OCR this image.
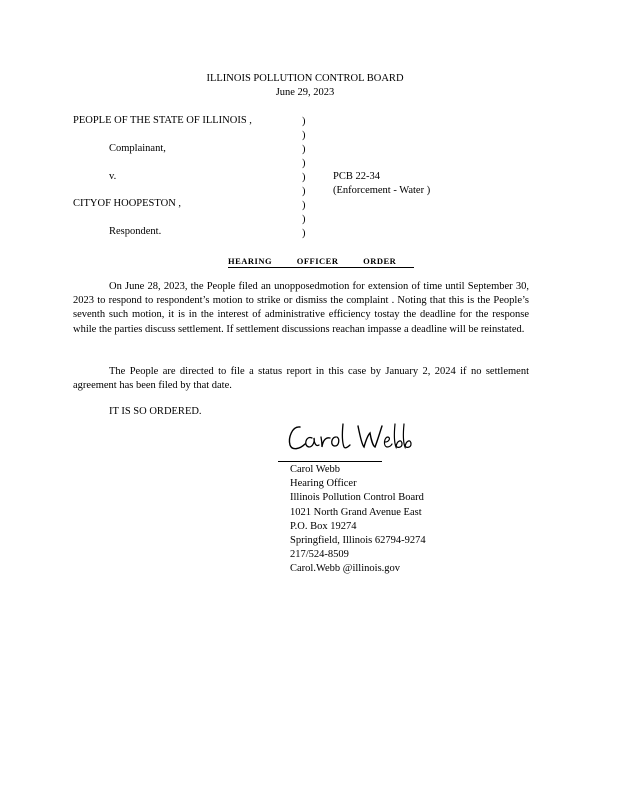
ILLINOIS POLLUTION CONTROL BOARD
June 29, 2023
PEOPLE OF THE STATE OF ILLINOIS ,
Complainant,
v.
CITYOF HOOPESTON ,
Respondent.
)
)
)
)
)
)
)
)
)
PCB 22-34
(Enforcement - Water )
HEARING OFFICER ORDER
On June 28, 2023, the People filed an unopposedmotion for extension of time until September 30, 2023 to respond to respondent’s motion to strike or dismiss the complaint . Noting that this is the People’s seventh such motion, it is in the interest of administrative efficiency tostay the deadline for the response while the parties discuss settlement. If settlement discussions reachan impasse a deadline will be reinstated.
The People are directed to file a status report in this case by January 2, 2024 if no settlement agreement has been filed by that date.
IT IS SO ORDERED.
Carol Webb
Hearing Officer
Illinois Pollution Control Board
1021 North Grand Avenue East
P.O. Box 19274
Springfield, Illinois 62794-9274
217/524-8509
Carol.Webb @illinois.gov
